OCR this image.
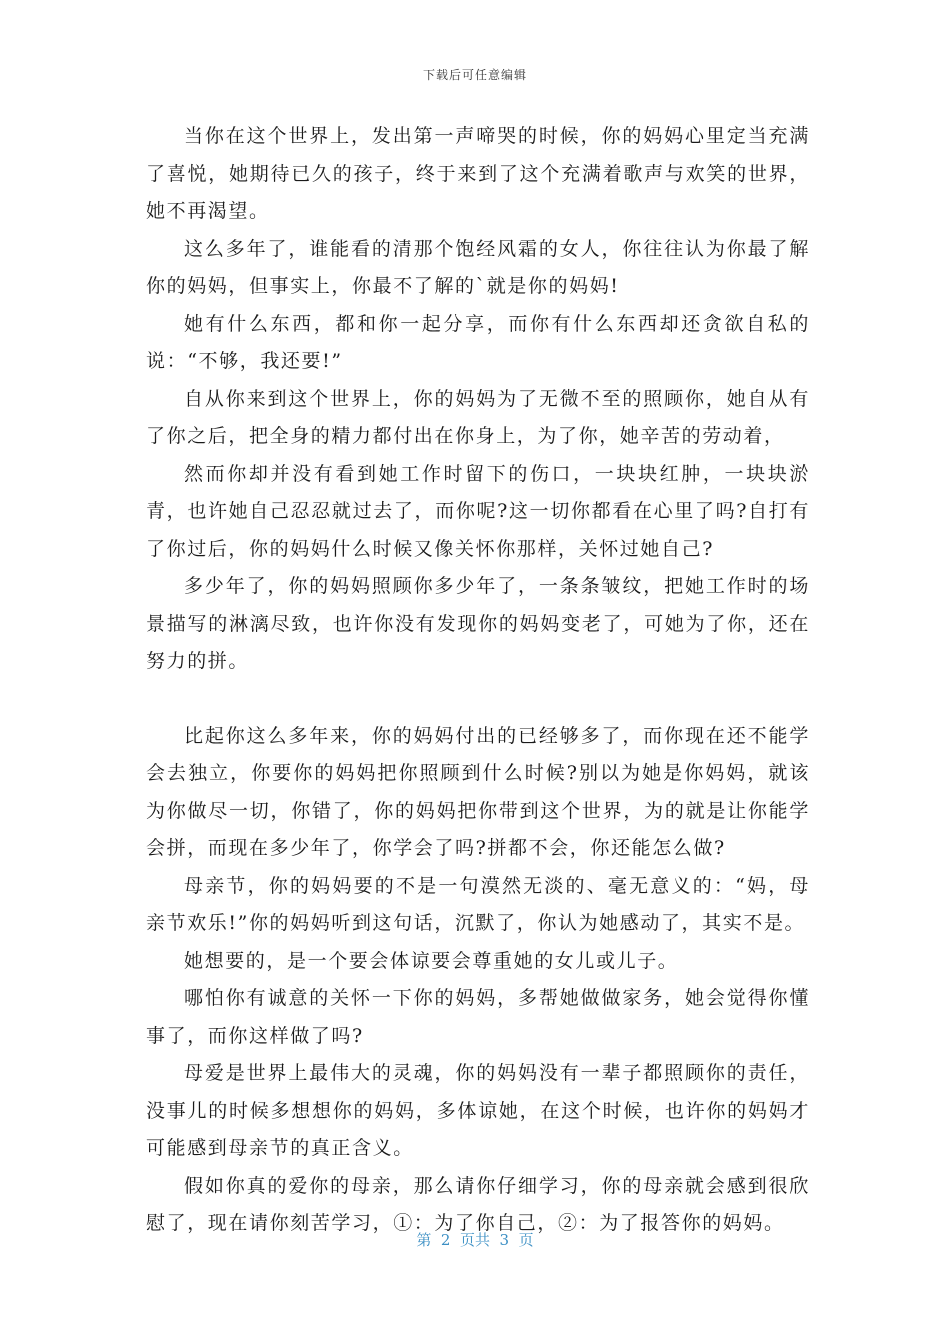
下载后可任意编辑

当你在这个世界上，发出第一声啼哭的时候，你的妈妈心里定当充满了喜悦，她期待已久的孩子，终于来到了这个充满着歌声与欢笑的世界，她不再渴望。

这么多年了，谁能看的清那个饱经风霜的女人，你往往认为你最了解你的妈妈，但事实上，你最不了解的`就是你的妈妈!

她有什么东西，都和你一起分享，而你有什么东西却还贪欲自私的说：“不够，我还要!”

自从你来到这个世界上，你的妈妈为了无微不至的照顾你，她自从有了你之后，把全身的精力都付出在你身上，为了你，她辛苦的劳动着，

然而你却并没有看到她工作时留下的伤口，一块块红肿，一块块淤青，也许她自己忍忍就过去了，而你呢?这一切你都看在心里了吗?自打有了你过后，你的妈妈什么时候又像关怀你那样，关怀过她自己?

多少年了，你的妈妈照顾你多少年了，一条条皱纹，把她工作时的场景描写的淋漓尽致，也许你没有发现你的妈妈变老了，可她为了你，还在努力的拼。

比起你这么多年来，你的妈妈付出的已经够多了，而你现在还不能学会去独立，你要你的妈妈把你照顾到什么时候?别以为她是你妈妈，就该为你做尽一切，你错了，你的妈妈把你带到这个世界，为的就是让你能学会拼，而现在多少年了，你学会了吗?拼都不会，你还能怎么做?

母亲节，你的妈妈要的不是一句漠然无淡的、毫无意义的：“妈，母亲节欢乐!”你的妈妈听到这句话，沉默了，你认为她感动了，其实不是。

她想要的，是一个要会体谅要会尊重她的女儿或儿子。

哪怕你有诚意的关怀一下你的妈妈，多帮她做做家务，她会觉得你懂事了，而你这样做了吗?

母爱是世界上最伟大的灵魂，你的妈妈没有一辈子都照顾你的责任，没事儿的时候多想想你的妈妈，多体谅她，在这个时候，也许你的妈妈才可能感到母亲节的真正含义。

假如你真的爱你的母亲，那么请你仔细学习，你的母亲就会感到很欣慰了，现在请你刻苦学习，①：为了你自己，②：为了报答你的妈妈。

第  2  页共  3  页
